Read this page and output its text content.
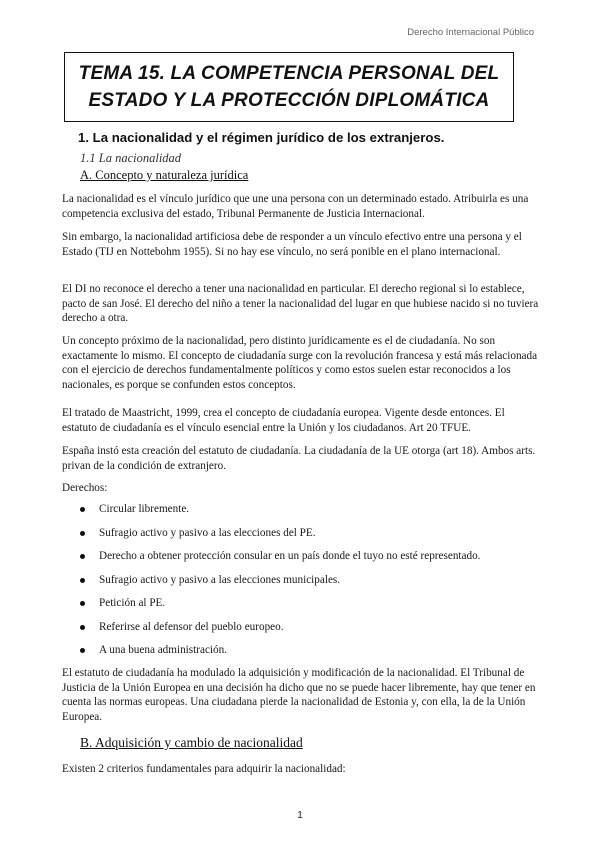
Derecho Internacional Público
TEMA 15. LA COMPETENCIA PERSONAL DEL
ESTADO Y LA PROTECCIÓN DIPLOMÁTICA
1. La nacionalidad y el régimen jurídico de los extranjeros.
1.1 La nacionalidad
A. Concepto y naturaleza jurídica

La nacionalidad es el vínculo jurídico que une una persona con un determinado estado. Atribuirla es una competencia exclusiva del estado, Tribunal Permanente de Justicia Internacional.

Sin embargo, la nacionalidad artificiosa debe de responder a un vínculo efectivo entre una persona y el Estado (TIJ en Nottebohm 1955). Si no hay ese vínculo, no será ponible en el plano internacional.

El DI no reconoce el derecho a tener una nacionalidad en particular. El derecho regional si lo establece, pacto de san José. El derecho del niño a tener la nacionalidad del lugar en que hubiese nacido si no tuviera derecho a otra.

Un concepto próximo de la nacionalidad, pero distinto jurídicamente es el de ciudadanía. No son exactamente lo mismo. El concepto de ciudadanía surge con la revolución francesa y está más relacionada con el ejercicio de derechos fundamentalmente políticos y como estos suelen estar reconocidos a los nacionales, es porque se confunden estos conceptos.

El tratado de Maastricht, 1999, crea el concepto de ciudadanía europea. Vigente desde entonces. El estatuto de ciudadanía es el vínculo esencial entre la Unión y los ciudadanos. Art 20 TFUE.

España instó esta creación del estatuto de ciudadanía. La ciudadanía de la UE otorga (art 18). Ambos arts. privan de la condición de extranjero.

Derechos:
Circular libremente.
Sufragio activo y pasivo a las elecciones del PE.
Derecho a obtener protección consular en un país donde el tuyo no esté representado.
Sufragio activo y pasivo a las elecciones municipales.
Petición al PE.
Referirse al defensor del pueblo europeo.
A una buena administración.

El estatuto de ciudadanía ha modulado la adquisición y modificación de la nacionalidad. El Tribunal de Justicia de la Unión Europea en una decisión ha dicho que no se puede hacer libremente, hay que tener en cuenta las normas europeas. Una ciudadana pierde la nacionalidad de Estonia y, con ella, la de la Unión Europea.

B. Adquisición y cambio de nacionalidad

Existen 2 criterios fundamentales para adquirir la nacionalidad:

1
